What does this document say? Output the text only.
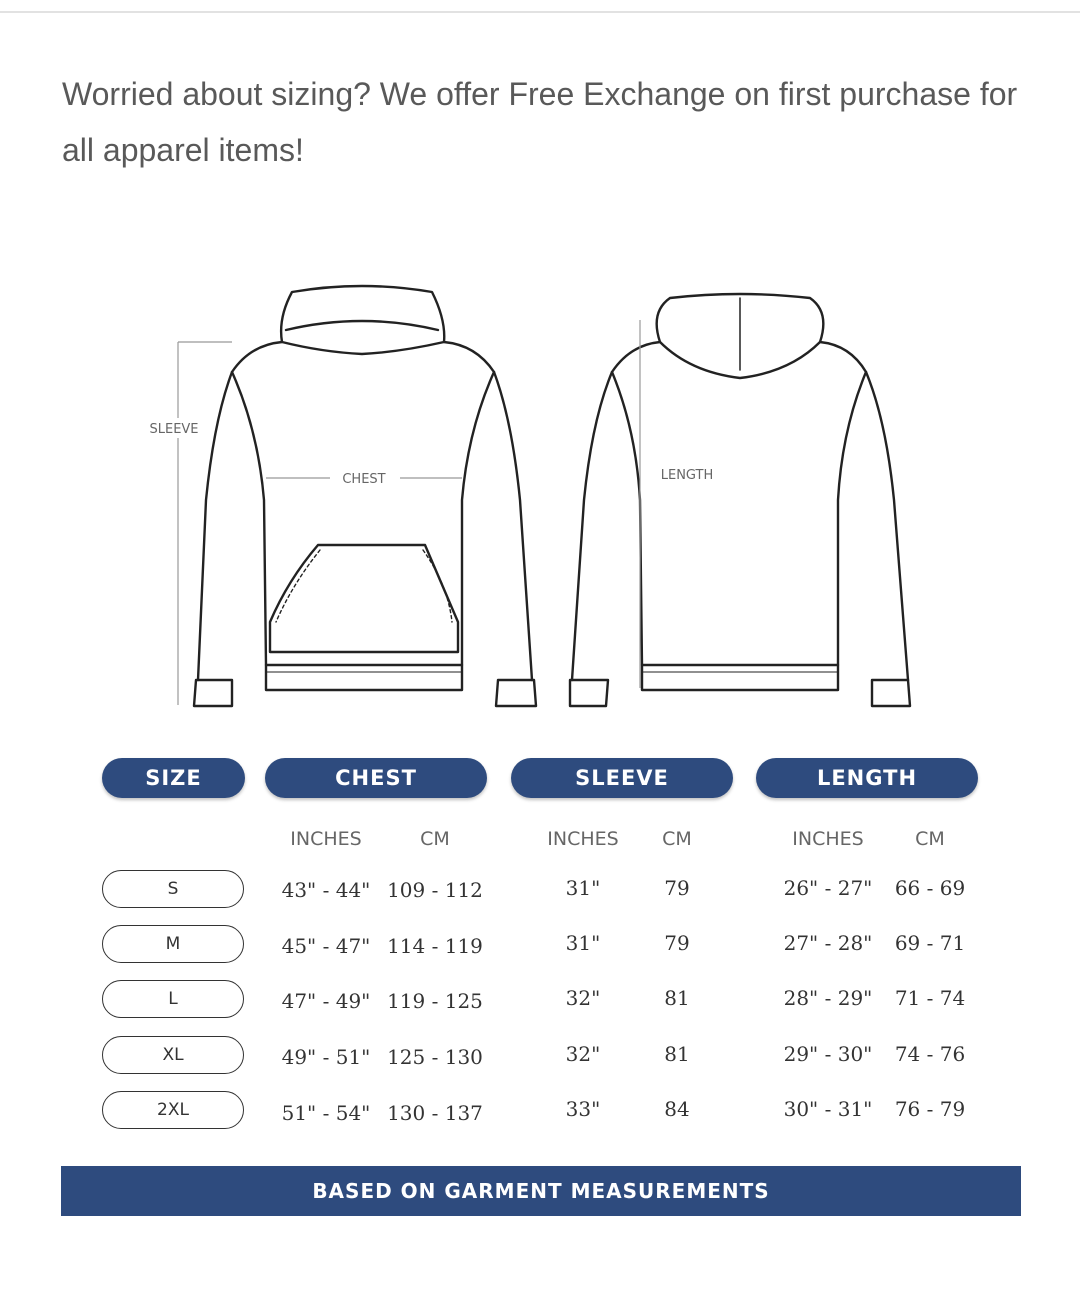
Worried about sizing? We offer Free Exchange on first purchase for all apparel items!
SLEEVE
CHEST	LENGTH
SIZE	CHEST	SLEEVE	LENGTH
INCHES	CM	INCHES	CM	INCHES	CM
S	43" - 44" 109 - 112	31"	79	26" - 27"	66 - 69
M	45" - 47" 114 - 119	31"	79	27" - 28"	69 - 71
L	47" - 49" 119 - 125	32"	81	28" - 29"	71 - 74
XL	49" - 51" 125 - 130	32"	81	29" - 30"	74 - 76
2XL	51" - 54" 130 - 137	33"	84	30" - 31"	76 - 79
BASED ON GARMENT MEASUREMENTS
